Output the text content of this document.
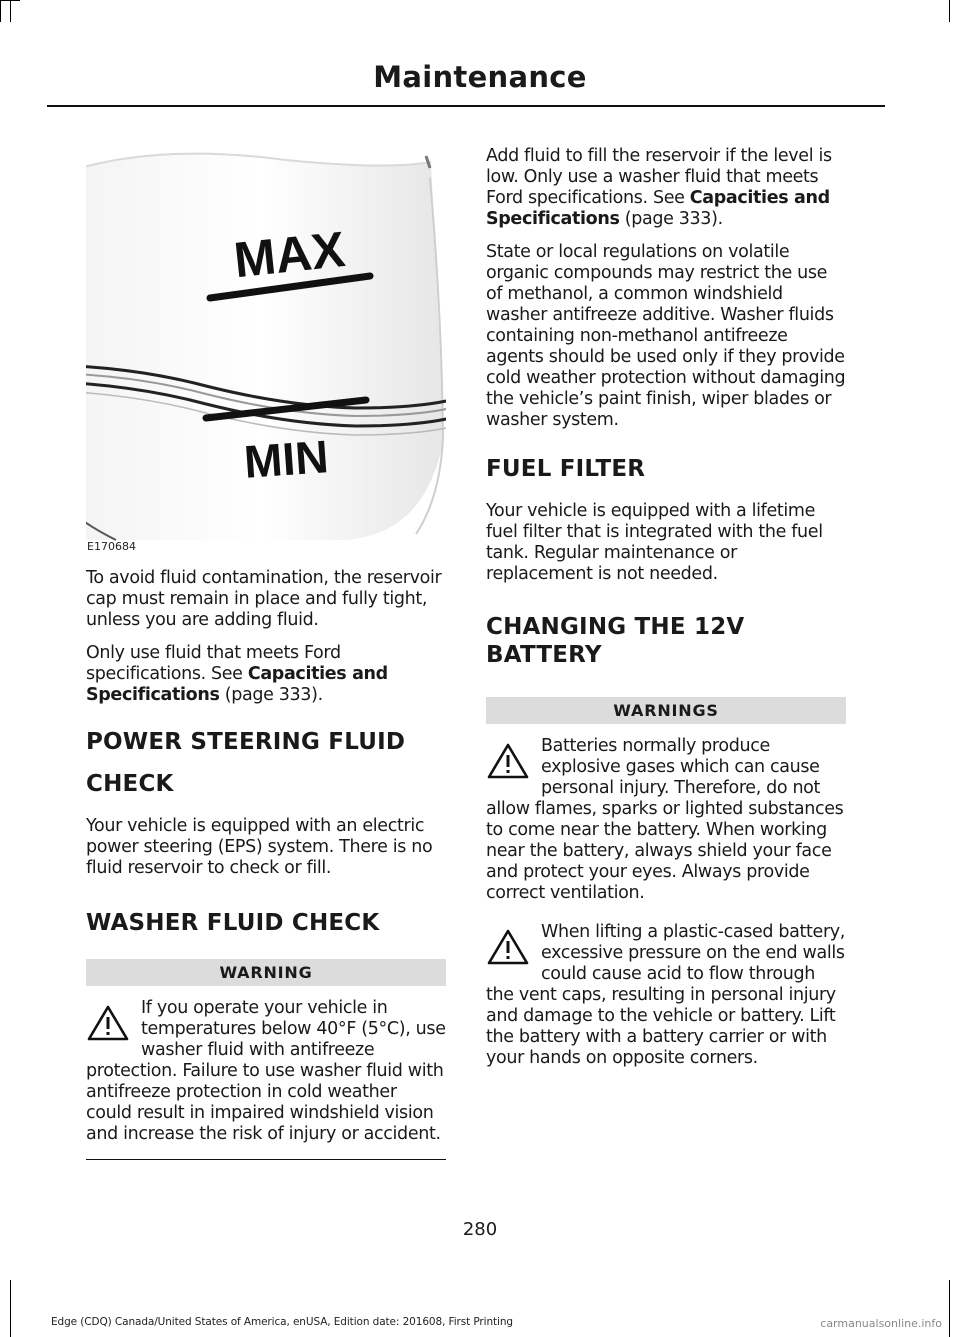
Maintenance
MAX
MIN
E170684

To avoid fluid contamination, the reservoir cap must remain in place and fully tight, unless you are adding fluid.

Only use fluid that meets Ford specifications. See Capacities and Specifications (page 333).

POWER STEERING FLUID
CHECK

Your vehicle is equipped with an electric power steering (EPS) system. There is no fluid reservoir to check or fill.

WASHER FLUID CHECK
WARNING

If you operate your vehicle in temperatures below 40°F (5°C), use washer fluid with antifreeze protection. Failure to use washer fluid with antifreeze protection in cold weather could result in impaired windshield vision and increase the risk of injury or accident.

Add fluid to fill the reservoir if the level is low. Only use a washer fluid that meets Ford specifications. See Capacities and Specifications (page 333).

State or local regulations on volatile organic compounds may restrict the use of methanol, a common windshield washer antifreeze additive. Washer fluids containing non-methanol antifreeze agents should be used only if they provide cold weather protection without damaging the vehicle’s paint finish, wiper blades or washer system.

FUEL FILTER

Your vehicle is equipped with a lifetime fuel filter that is integrated with the fuel tank. Regular maintenance or replacement is not needed.

CHANGING THE 12V BATTERY
WARNINGS

Batteries normally produce explosive gases which can cause personal injury. Therefore, do not allow flames, sparks or lighted substances to come near the battery. When working near the battery, always shield your face and protect your eyes. Always provide correct ventilation.

When lifting a plastic-cased battery, excessive pressure on the end walls could cause acid to flow through the vent caps, resulting in personal injury and damage to the vehicle or battery. Lift the battery with a battery carrier or with your hands on opposite corners.

280
Edge (CDQ) Canada/United States of America, enUSA, Edition date: 201608, First Printing	carmanualsonline.info
